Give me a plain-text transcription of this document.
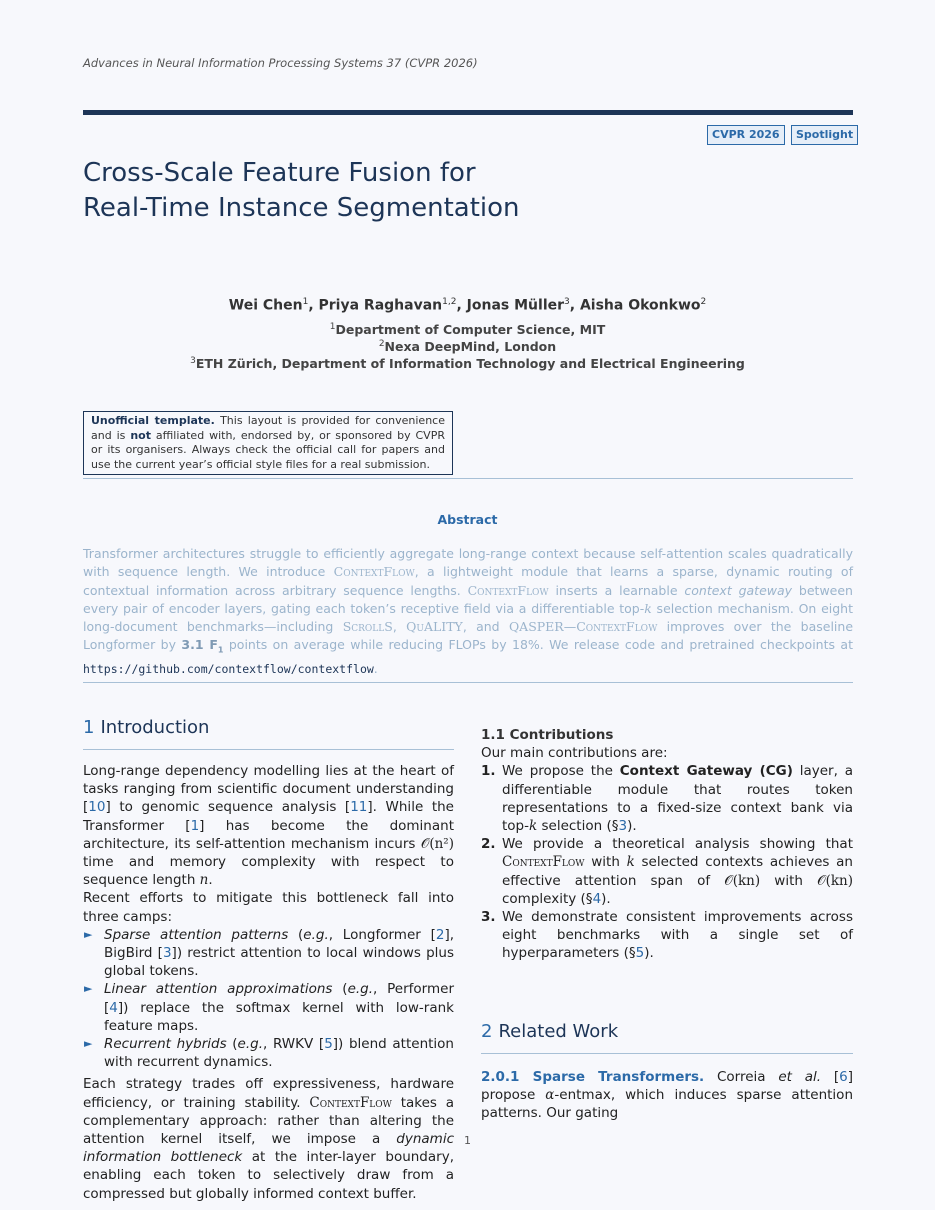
Advances in Neural Information Processing Systems 37 (CVPR 2026)
CVPR 2026	Spotlight
Cross-Scale Feature Fusion for
Real-Time Instance Segmentation
Wei Chen$^1$, Priya Raghavan$^{1,2}$, Jonas Müller$^3$, Aisha Okonkwo$^2$
$^1$Department of Computer Science, MIT
$^2$Nexa DeepMind, London
$^3$ETH Zürich, Department of Information Technology and Electrical Engineering
Unofficial template. This layout is provided for convenience and is not affiliated with, endorsed by, or sponsored by CVPR or its organisers. Always check the official call for papers and use the current year’s official style files for a real submission.
Abstract
Transformer architectures struggle to efficiently aggregate long-range context because self-attention scales quadratically with sequence length. We introduce ContextFlow, a lightweight module that learns a sparse, dynamic routing of contextual information across arbitrary sequence lengths. ContextFlow inserts a learnable context gateway between every pair of encoder layers, gating each token’s receptive field via a differentiable top-k selection mechanism. On eight long-document benchmarks—including ScrollS, QuALITY, and QASPER—ContextFlow improves over the baseline Longformer by 3.1 $F_1$ points on average while reducing FLOPs by 18%. We release code and pretrained checkpoints at https://github.com/contextflow/contextflow.
1 Introduction
Long-range dependency modelling lies at the heart of tasks ranging from scientific document understanding [10] to genomic sequence analysis [11]. While the Transformer [1] has become the dominant architecture, its self-attention mechanism incurs 𝒪(n²) time and memory complexity with respect to sequence length n.
Recent efforts to mitigate this bottleneck fall into three camps:
► Sparse attention patterns (e.g., Longformer [2], BigBird [3]) restrict attention to local windows plus global tokens.
► Linear attention approximations (e.g., Performer [4]) replace the softmax kernel with low-rank feature maps.
► Recurrent hybrids (e.g., RWKV [5]) blend attention with recurrent dynamics.
Each strategy trades off expressiveness, hardware efficiency, or training stability. ContextFlow takes a complementary approach: rather than altering the attention kernel itself, we impose a dynamic information bottleneck at the inter-layer boundary, enabling each token to selectively draw from a compressed but globally informed context buffer.
1.1 Contributions
Our main contributions are:
1. We propose the Context Gateway (CG) layer, a differentiable module that routes token representations to a fixed-size context bank via top-k selection (§3).
2. We provide a theoretical analysis showing that ContextFlow with k selected contexts achieves an effective attention span of 𝒪(kn) with 𝒪(kn) complexity (§4).
3. We demonstrate consistent improvements across eight benchmarks with a single set of hyperparameters (§5).
2 Related Work
2.0.1 Sparse Transformers. Correia et al. [6] propose α-entmax, which induces sparse attention patterns. Our gating
1
